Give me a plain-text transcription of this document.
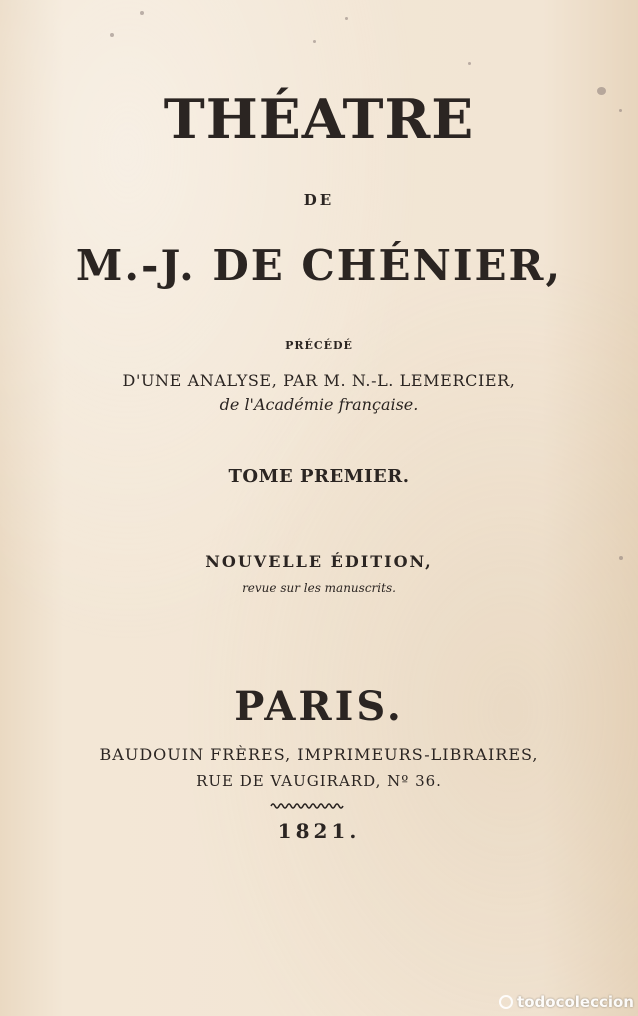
THÉATRE
DE
M.-J. DE CHÉNIER,
PRÉCÉDÉ
D'UNE ANALYSE, PAR M. N.-L. LEMERCIER,
de l'Académie française.
TOME PREMIER.
NOUVELLE ÉDITION,
revue sur les manuscrits.
PARIS.
BAUDOUIN FRÈRES, IMPRIMEURS-LIBRAIRES,
RUE DE VAUGIRARD, Nº 36.
1821.
todocoleccion
